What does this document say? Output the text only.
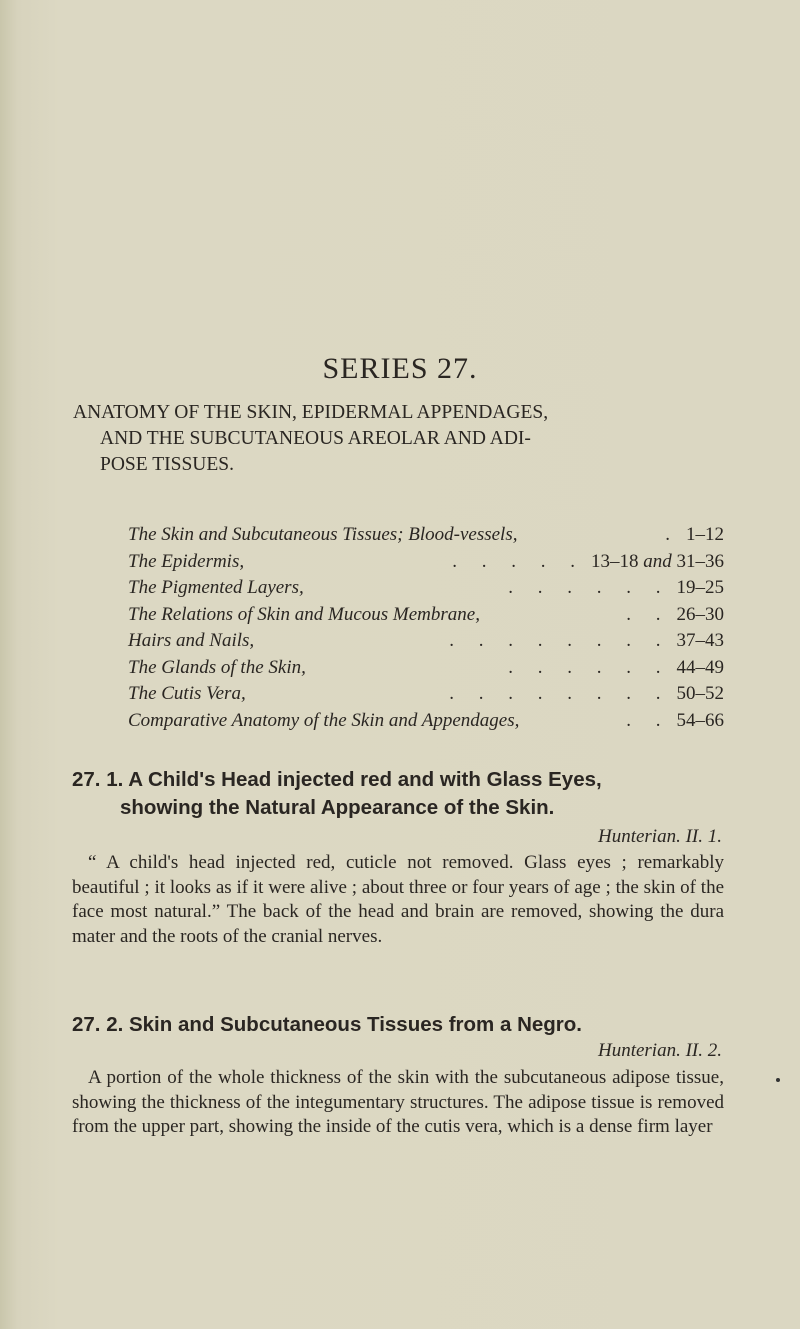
SERIES 27.
ANATOMY OF THE SKIN, EPIDERMAL APPENDAGES,
AND THE SUBCUTANEOUS AREOLAR AND ADI-
POSE TISSUES.
The Skin and Subcutaneous Tissues; Blood-vessels,	. 1–12
The Epidermis,	. . . . . 13–18 and 31–36
The Pigmented Layers,	. . . . . . 19–25
The Relations of Skin and Mucous Membrane,	. . 26–30
Hairs and Nails,	. . . . . . . . 37–43
The Glands of the Skin,	. . . . . . 44–49
The Cutis Vera,	. . . . . . . . 50–52
Comparative Anatomy of the Skin and Appendages,	. . 54–66
27. 1. A Child's Head injected red and with Glass Eyes,
showing the Natural Appearance of the Skin.
Hunterian. II. 1.

“ A child's head injected red, cuticle not removed. Glass eyes ; remarkably beautiful ; it looks as if it were alive ; about three or four years of age ; the skin of the face most natural.” The back of the head and brain are removed, showing the dura mater and the roots of the cranial nerves.

27. 2. Skin and Subcutaneous Tissues from a Negro.
Hunterian. II. 2.

A portion of the whole thickness of the skin with the subcutaneous adipose tissue, showing the thickness of the integumentary structures. The adipose tissue is removed from the upper part, showing the inside of the cutis vera, which is a dense firm layer
